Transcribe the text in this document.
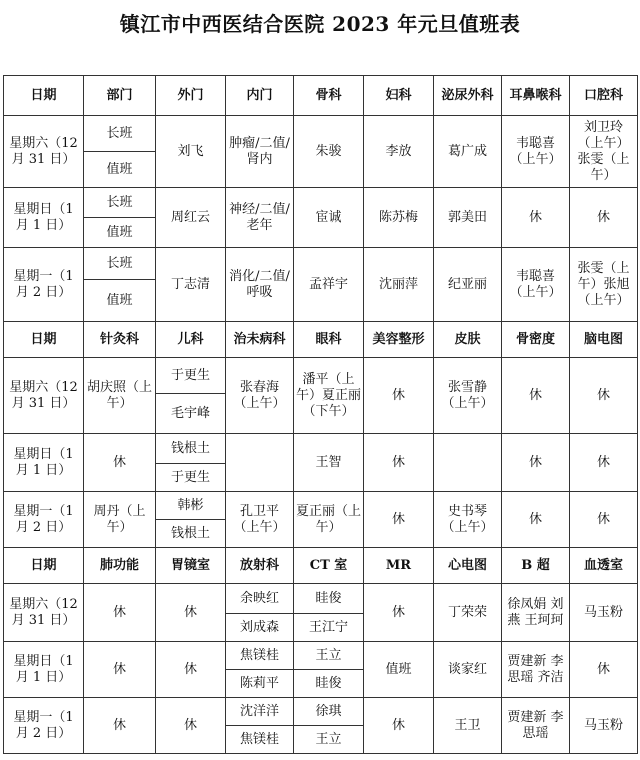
镇江市中西医结合医院 2023 年元旦值班表
日期	部门	外门	内门	骨科	妇科	泌尿外科	耳鼻喉科	口腔科
星期六（12 月 31 日）	长班	刘飞	肿瘤/二值/肾内	朱骏	李放	葛广成	韦聪喜（上午）	刘卫玲（上午）张雯（上午）
	值班							
星期日（1 月 1 日）	长班	周红云	神经/二值/老年	宦诚	陈苏梅	郭美田	休	休
	值班							
星期一（1 月 2 日）	长班	丁志清	消化/二值/呼吸	孟祥宇	沈丽萍	纪亚丽	韦聪喜（上午）	张雯（上午）张旭（上午）
	值班							
日期	针灸科	儿科	治未病科	眼科	美容整形	皮肤	骨密度	脑电图
星期六（12 月 31 日）	胡庆照（上午）	于更生	张春海（上午）	潘平（上午）夏正丽（下午）	休	张雪静（上午）	休	休
		毛宇峰						
星期日（1 月 1 日）	休	钱根土		王智	休		休	休
		于更生						
星期一（1 月 2 日）	周丹（上午）	韩彬	孔卫平（上午）	夏正丽（上午）	休	史书琴（上午）	休	休
		钱根土						
日期	肺功能	胃镜室	放射科	CT 室	MR	心电图	B 超	血透室
星期六（12 月 31 日）	休	休	余映红	眭俊	休	丁荣荣	徐凤娟 刘燕 王珂珂	马玉粉
			刘成森	王江宁				
星期日（1 月 1 日）	休	休	焦镁桂	王立	值班	谈家红	贾建新 李思瑶 齐洁	休
			陈莉平	眭俊				
星期一（1 月 2 日）	休	休	沈洋洋	徐琪	休	王卫	贾建新 李思瑶	马玉粉
			焦镁桂	王立				
